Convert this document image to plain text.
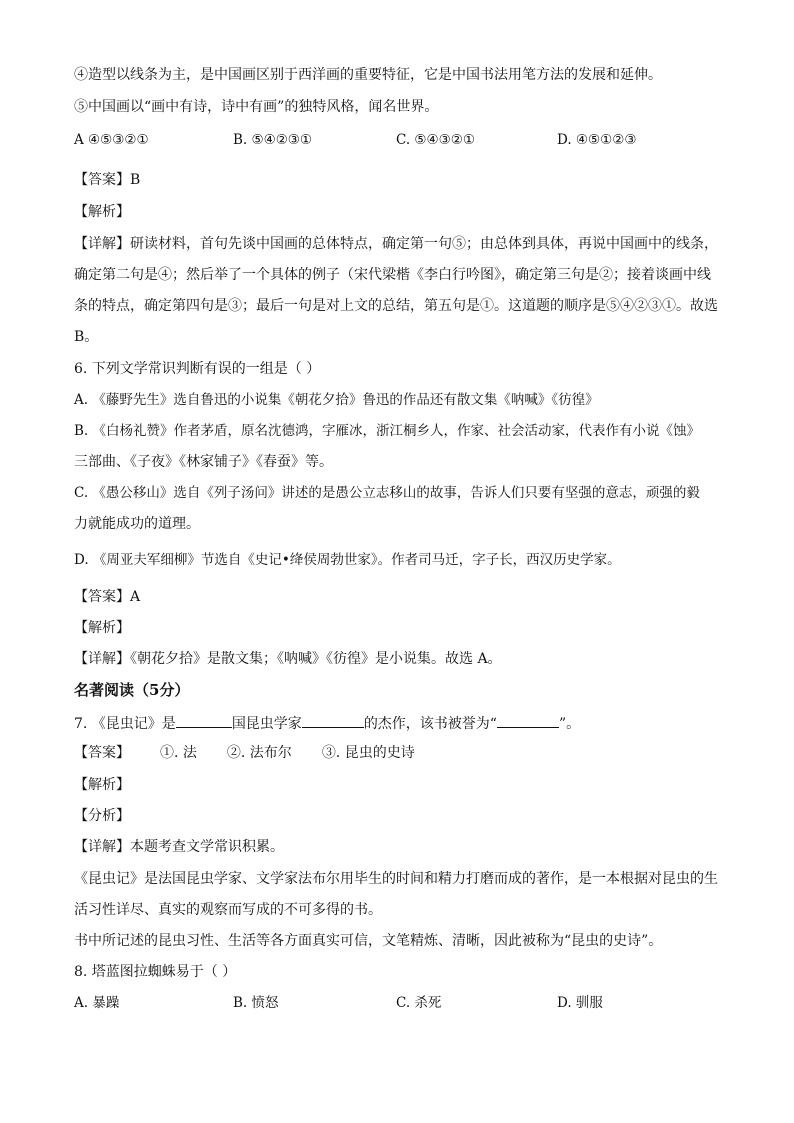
④造型以线条为主，是中国画区别于西洋画的重要特征，它是中国书法用笔方法的发展和延伸。
⑤中国画以“画中有诗，诗中有画”的独特风格，闻名世界。
A ④⑤③②①	B. ⑤④②③①	C. ⑤④③②①	D. ④⑤①②③
【答案】B
【解析】
【详解】研读材料，首句先谈中国画的总体特点，确定第一句⑤；由总体到具体，再说中国画中的线条，
确定第二句是④；然后举了一个具体的例子（宋代梁楷《李白行吟图》，确定第三句是②；接着谈画中线
条的特点，确定第四句是③；最后一句是对上文的总结，第五句是①。这道题的顺序是⑤④②③①。故选
B。
6. 下列文学常识判断有误的一组是（ ）
A. 《藤野先生》选自鲁迅的小说集《朝花夕拾》鲁迅的作品还有散文集《呐喊》《彷徨》
B. 《白杨礼赞》作者茅盾，原名沈德鸿，字雁冰，浙江桐乡人，作家、社会活动家，代表作有小说《蚀》
三部曲、《子夜》《林家铺子》《春蚕》等。
C. 《愚公移山》选自《列子汤问》讲述的是愚公立志移山的故事，告诉人们只要有坚强的意志，顽强的毅
力就能成功的道理。
D. 《周亚夫军细柳》节选自《史记•绛侯周勃世家》。作者司马迁，字子长，西汉历史学家。
【答案】A
【解析】
【详解】《朝花夕拾》是散文集；《呐喊》《彷徨》是小说集。故选 A。
名著阅读（5分）
7. 《昆虫记》是	国昆虫学家	的杰作，该书被誉为“	”。
【答案】 ①. 法 ②. 法布尔 ③. 昆虫的史诗
【解析】
【分析】
【详解】本题考查文学常识积累。
《昆虫记》是法国昆虫学家、文学家法布尔用毕生的时间和精力打磨而成的著作，是一本根据对昆虫的生
活习性详尽、真实的观察而写成的不可多得的书。
书中所记述的昆虫习性、生活等各方面真实可信，文笔精炼、清晰，因此被称为“昆虫的史诗”。
8. 塔蓝图拉蜘蛛易于（ ）
A. 暴躁	B. 愤怒	C. 杀死	D. 驯服
